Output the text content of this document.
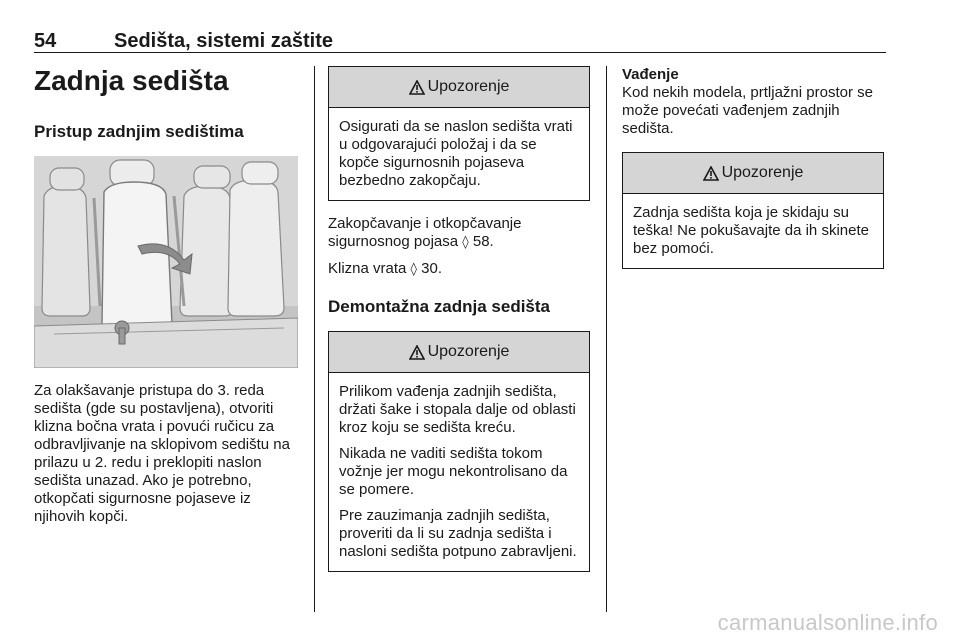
54	Sedišta, sistemi zaštite
Zadnja sedišta
Pristup zadnjim sedištima

Za olakšavanje pristupa do 3. reda sedišta (gde su postavljena), otvoriti klizna bočna vrata i povući ručicu za odbravljivanje na sklopivom sedištu na prilazu u 2. redu i preklopiti naslon sedišta unazad. Ako je potrebno, otkopčati sigurnosne pojaseve iz njihovih kopči.

Upozorenje

Osigurati da se naslon sedišta vrati u odgovarajući položaj i da se kopče sigurnosnih pojaseva bezbedno zakopčaju.

Zakopčavanje i otkopčavanje sigurnosnog pojasa ◊ 58.

Klizna vrata ◊ 30.

Demontažna zadnja sedišta
Upozorenje

Prilikom vađenja zadnjih sedišta, držati šake i stopala dalje od oblasti kroz koju se sedišta kreću.

Nikada ne vaditi sedišta tokom vožnje jer mogu nekontrolisano da se pomere.

Pre zauzimanja zadnjih sedišta, proveriti da li su zadnja sedišta i nasloni sedišta potpuno zabravljeni.

Vađenje

Kod nekih modela, prtljažni prostor se može povećati vađenjem zadnjih sedišta.

Upozorenje

Zadnja sedišta koja je skidaju su teška! Ne pokušavajte da ih skinete bez pomoći.

carmanualsonline.info
